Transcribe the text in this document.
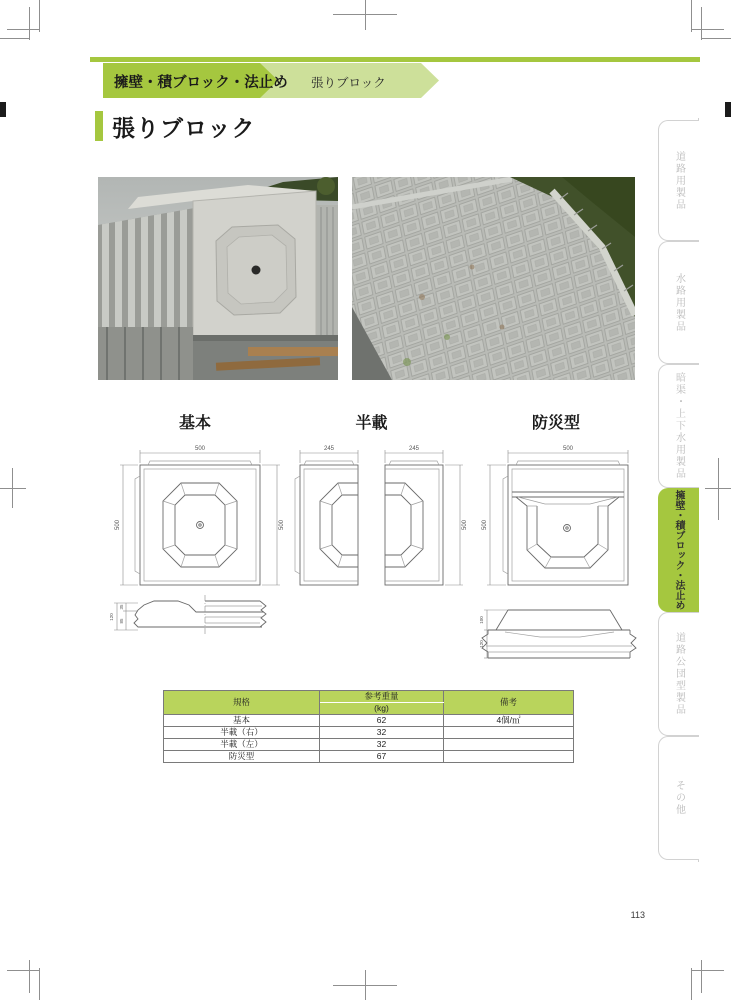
擁壁・積ブロック・法止め 張りブロック
張りブロック
基本	半載	防災型
500
500	500
245	245
500
500
500
120
35
85	100
120
規格	参考重量	備考
	(kg)	
基本	62	4個/㎡
半載（右）	32	
半載（左）	32	
防災型	67	
道路用製品
水路用製品
暗渠・上下水用製品
擁壁・積ブロック・法止め
道路公団型製品
その他
113
